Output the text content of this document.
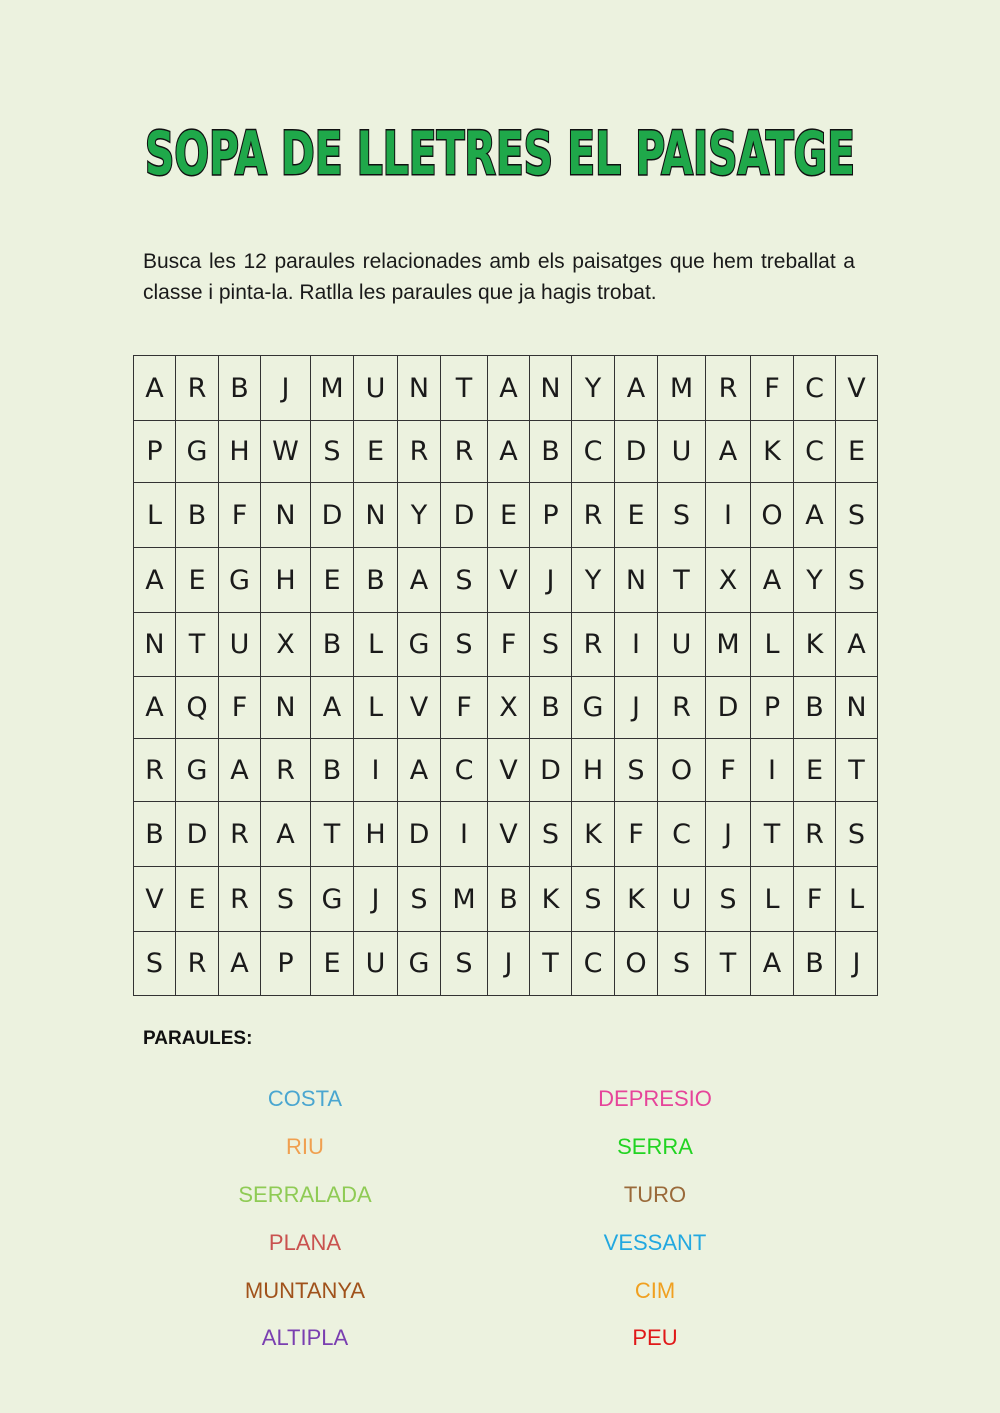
SOPA DE LLETRES EL PAISATGE
Busca les 12 paraules relacionades amb els paisatges que hem treballat a classe i pinta-la. Ratlla les paraules que ja hagis trobat.
A	R	B	J	M	U	N	T	A	N	Y	A	M	R	F	C	V
P	G	H	W	S	E	R	R	A	B	C	D	U	A	K	C	E
L	B	F	N	D	N	Y	D	E	P	R	E	S	I	O	A	S
A	E	G	H	E	B	A	S	V	J	Y	N	T	X	A	Y	S
N	T	U	X	B	L	G	S	F	S	R	I	U	M	L	K	A
A	Q	F	N	A	L	V	F	X	B	G	J	R	D	P	B	N
R	G	A	R	B	I	A	C	V	D	H	S	O	F	I	E	T
B	D	R	A	T	H	D	I	V	S	K	F	C	J	T	R	S
V	E	R	S	G	J	S	M	B	K	S	K	U	S	L	F	L
S	R	A	P	E	U	G	S	J	T	C	O	S	T	A	B	J
PARAULES:
COSTA
RIU
SERRALADA
PLANA
MUNTANYA
ALTIPLA
DEPRESIO
SERRA
TURO
VESSANT
CIM
PEU
